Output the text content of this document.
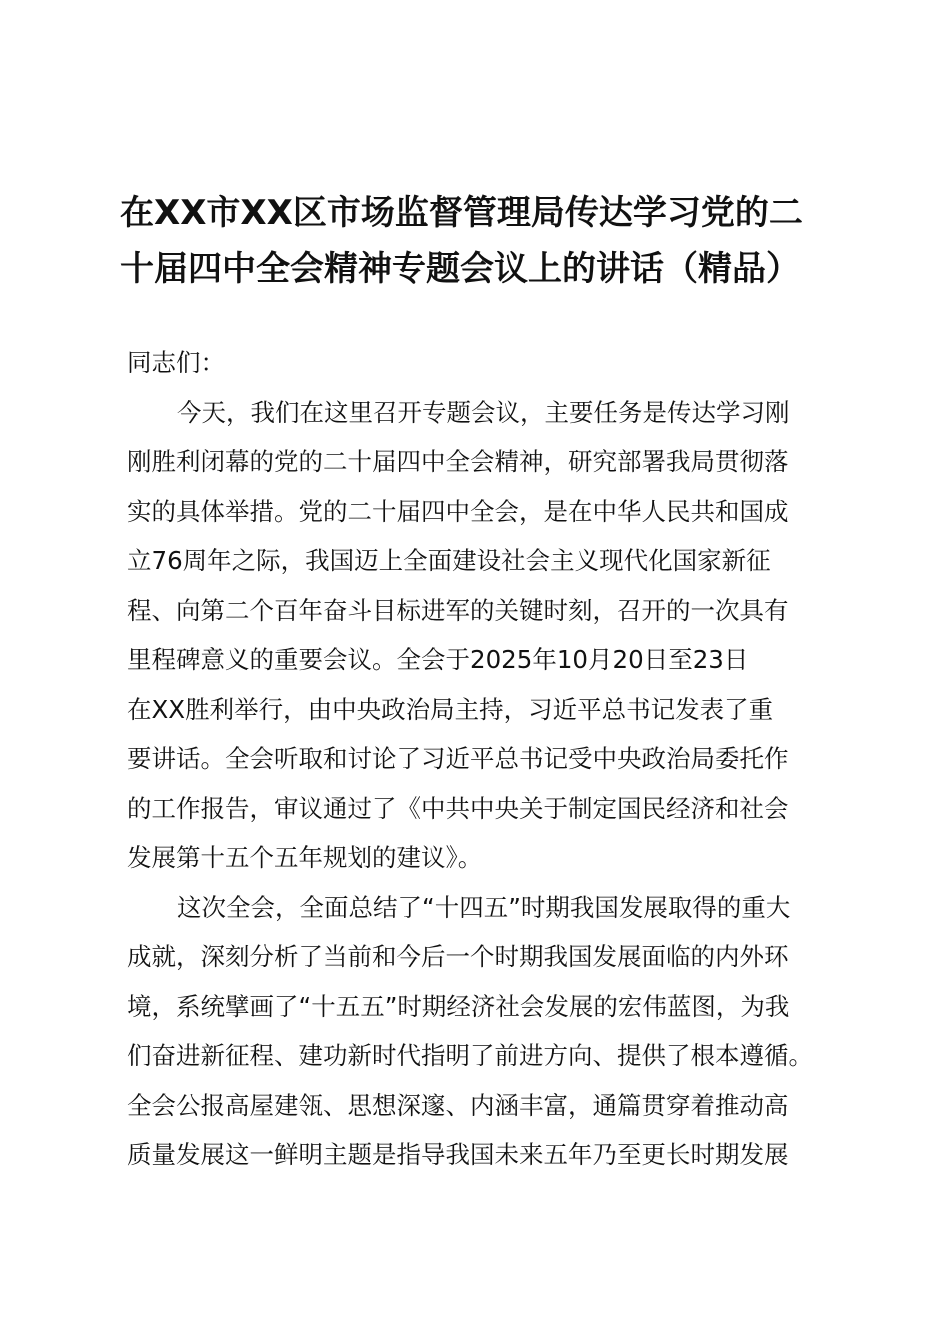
在XX市XX区市场监督管理局传达学习党的二
十届四中全会精神专题会议上的讲话（精品）
同志们：
今天，我们在这里召开专题会议，主要任务是传达学习刚
刚胜利闭幕的党的二十届四中全会精神，研究部署我局贯彻落
实的具体举措。党的二十届四中全会，是在中华人民共和国成
立76周年之际，我国迈上全面建设社会主义现代化国家新征
程、向第二个百年奋斗目标进军的关键时刻，召开的一次具有
里程碑意义的重要会议。全会于2025年10月20日至23日
在XX胜利举行，由中央政治局主持，习近平总书记发表了重
要讲话。全会听取和讨论了习近平总书记受中央政治局委托作
的工作报告，审议通过了《中共中央关于制定国民经济和社会
发展第十五个五年规划的建议》。
这次全会，全面总结了“十四五”时期我国发展取得的重大
成就，深刻分析了当前和今后一个时期我国发展面临的内外环
境，系统擘画了“十五五”时期经济社会发展的宏伟蓝图，为我
们奋进新征程、建功新时代指明了前进方向、提供了根本遵循。
全会公报高屋建瓴、思想深邃、内涵丰富，通篇贯穿着推动高
质量发展这一鲜明主题是指导我国未来五年乃至更长时期发展
